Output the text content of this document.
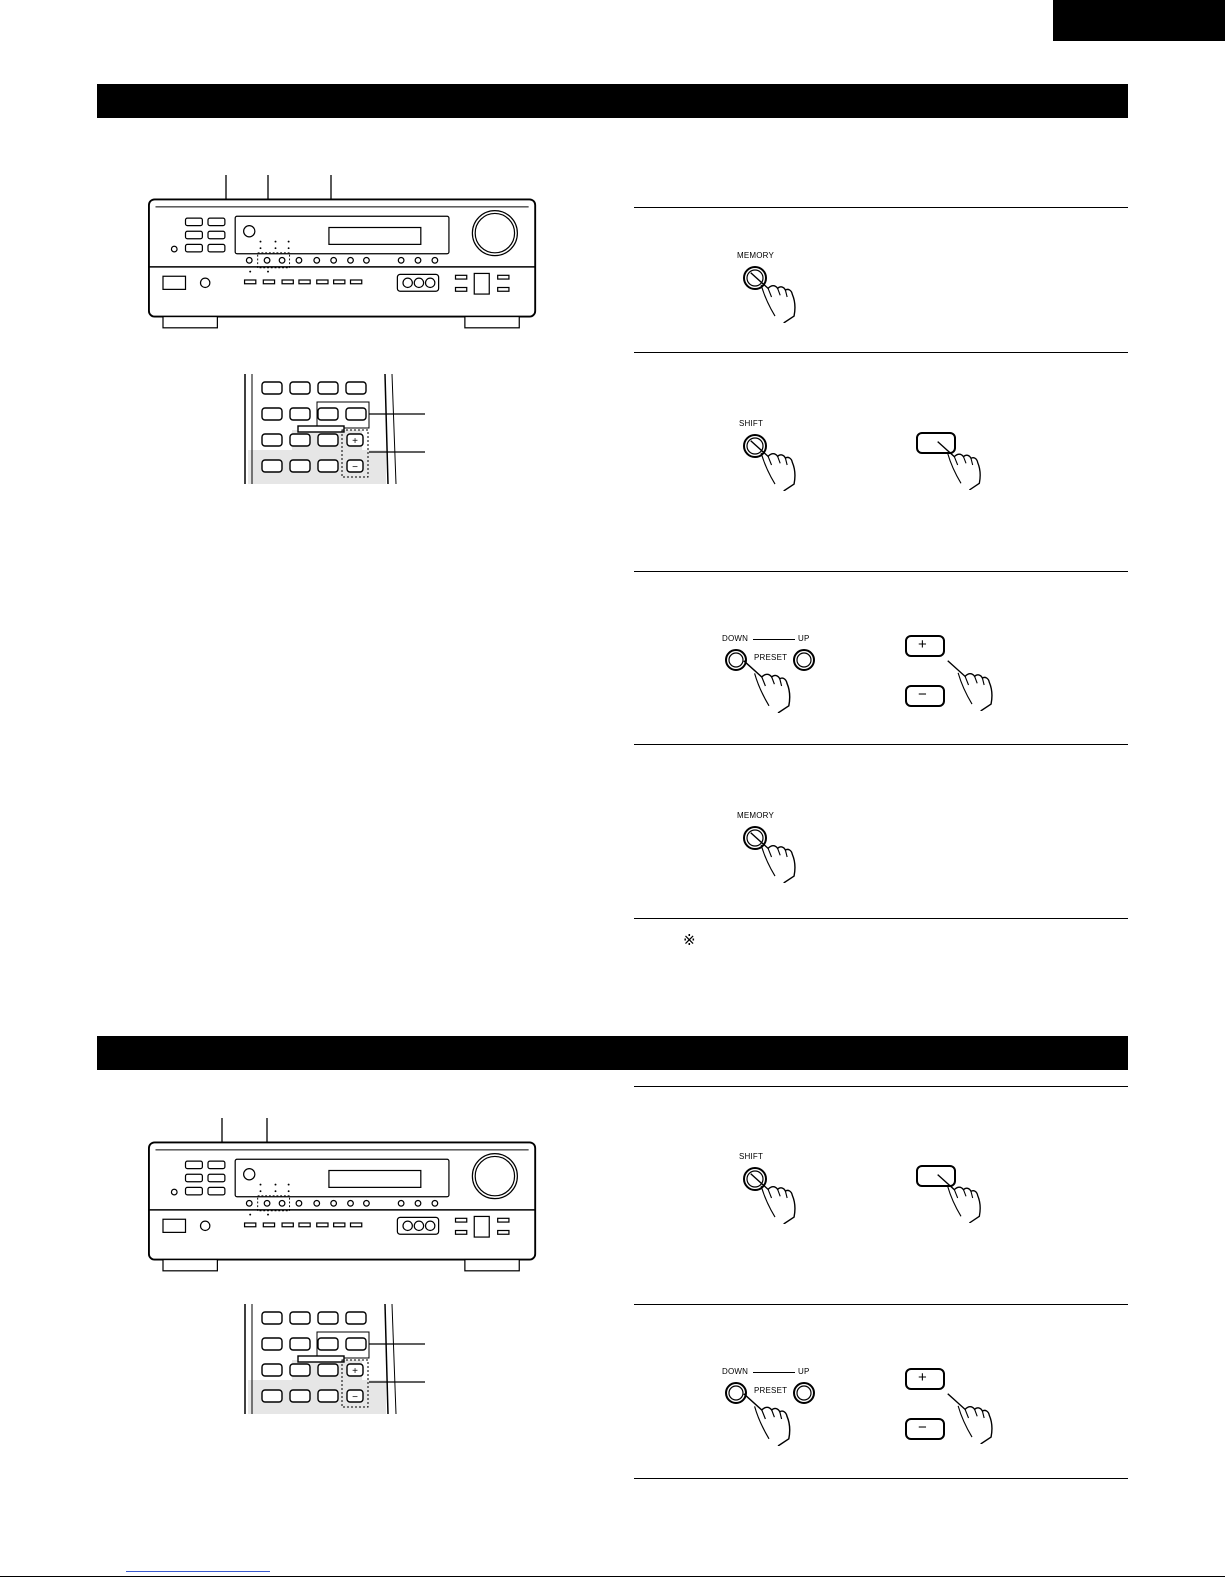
MEMORY
SHIFT
DOWN	UP
PRESET
+
−
MEMORY
※
SHIFT
DOWN	UP
PRESET
+
−
